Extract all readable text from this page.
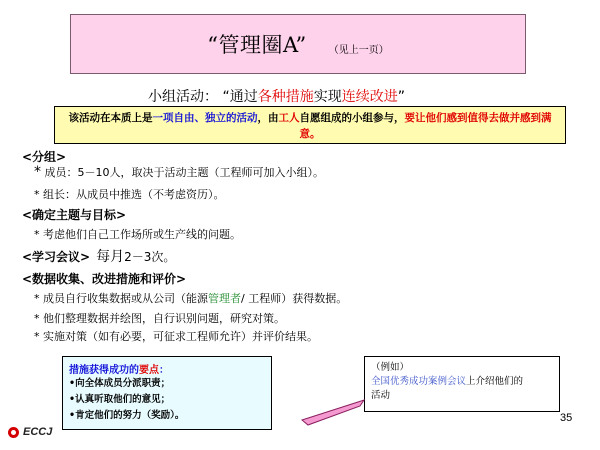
“管理圈A” （见上一页）
小组活动： “通过各种措施实现连续改进”
该活动在本质上是一项自由、独立的活动，由工人自愿组成的小组参与，要让他们感到值得去做并感到满意。
<分组>
* 成员：5－10人，取决于活动主题（工程师可加入小组）。
* 组长：从成员中推选（不考虑资历）。
<确定主题与目标>
* 考虑他们自己工作场所或生产线的问题。
<学习会议> 每月2－3次。
<数据收集、改进措施和评价>
* 成员自行收集数据或从公司（能源管理者/ 工程师）获得数据。
* 他们整理数据并绘图，自行识别问题，研究对策。
* 实施对策（如有必要，可征求工程师允许）并评价结果。
措施获得成功的要点：
•向全体成员分派职责；
•认真听取他们的意见；
•肯定他们的努力（奖励）。
（例如）
全国优秀成功案例会议上介绍他们的
活动
ECCJ
35
